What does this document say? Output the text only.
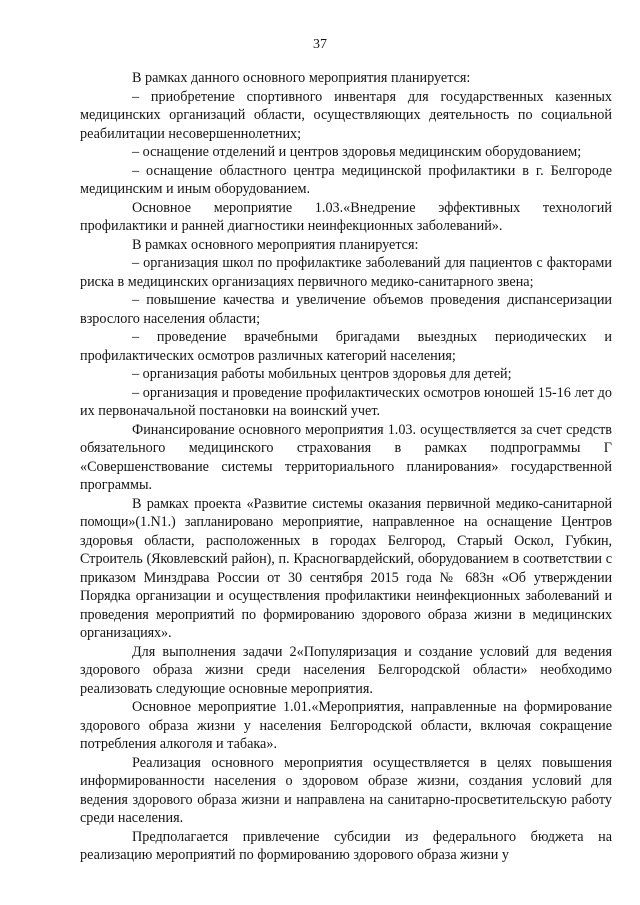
37

В рамках данного основного мероприятия планируется:

– приобретение спортивного инвентаря для государственных казенных медицинских организаций области, осуществляющих деятельность по социальной реабилитации несовершеннолетних;

– оснащение отделений и центров здоровья медицинским оборудованием;

– оснащение областного центра медицинской профилактики в г. Белгороде медицинским и иным оборудованием.

Основное мероприятие 1.03.«Внедрение эффективных технологий профилактики и ранней диагностики неинфекционных заболеваний».

В рамках основного мероприятия планируется:

– организация школ по профилактике заболеваний для пациентов с факторами риска в медицинских организациях первичного медико-санитарного звена;

– повышение качества и увеличение объемов проведения диспансеризации взрослого населения области;

– проведение врачебными бригадами выездных периодических и профилактических осмотров различных категорий населения;

– организация работы мобильных центров здоровья для детей;

– организация и проведение профилактических осмотров юношей 15-16 лет до их первоначальной постановки на воинский учет.

Финансирование основного мероприятия 1.03. осуществляется за счет средств обязательного медицинского страхования в рамках подпрограммы Г «Совершенствование системы территориального планирования» государственной программы.

В рамках проекта «Развитие системы оказания первичной медико-санитарной помощи»(1.N1.) запланировано мероприятие, направленное на оснащение Центров здоровья области, расположенных в городах Белгород, Старый Оскол, Губкин, Строитель (Яковлевский район), п. Красногвардейский, оборудованием в соответствии с приказом Минздрава России от 30 сентября 2015 года № 683н «Об утверждении Порядка организации и осуществления профилактики неинфекционных заболеваний и проведения мероприятий по формированию здорового образа жизни в медицинских организациях».

Для выполнения задачи 2«Популяризация и создание условий для ведения здорового образа жизни среди населения Белгородской области» необходимо реализовать следующие основные мероприятия.

Основное мероприятие 1.01.«Мероприятия, направленные на формирование здорового образа жизни у населения Белгородской области, включая сокращение потребления алкоголя и табака».

Реализация основного мероприятия осуществляется в целях повышения информированности населения о здоровом образе жизни, создания условий для ведения здорового образа жизни и направлена на санитарно-просветительскую работу среди населения.

Предполагается привлечение субсидии из федерального бюджета на реализацию мероприятий по формированию здорового образа жизни у
